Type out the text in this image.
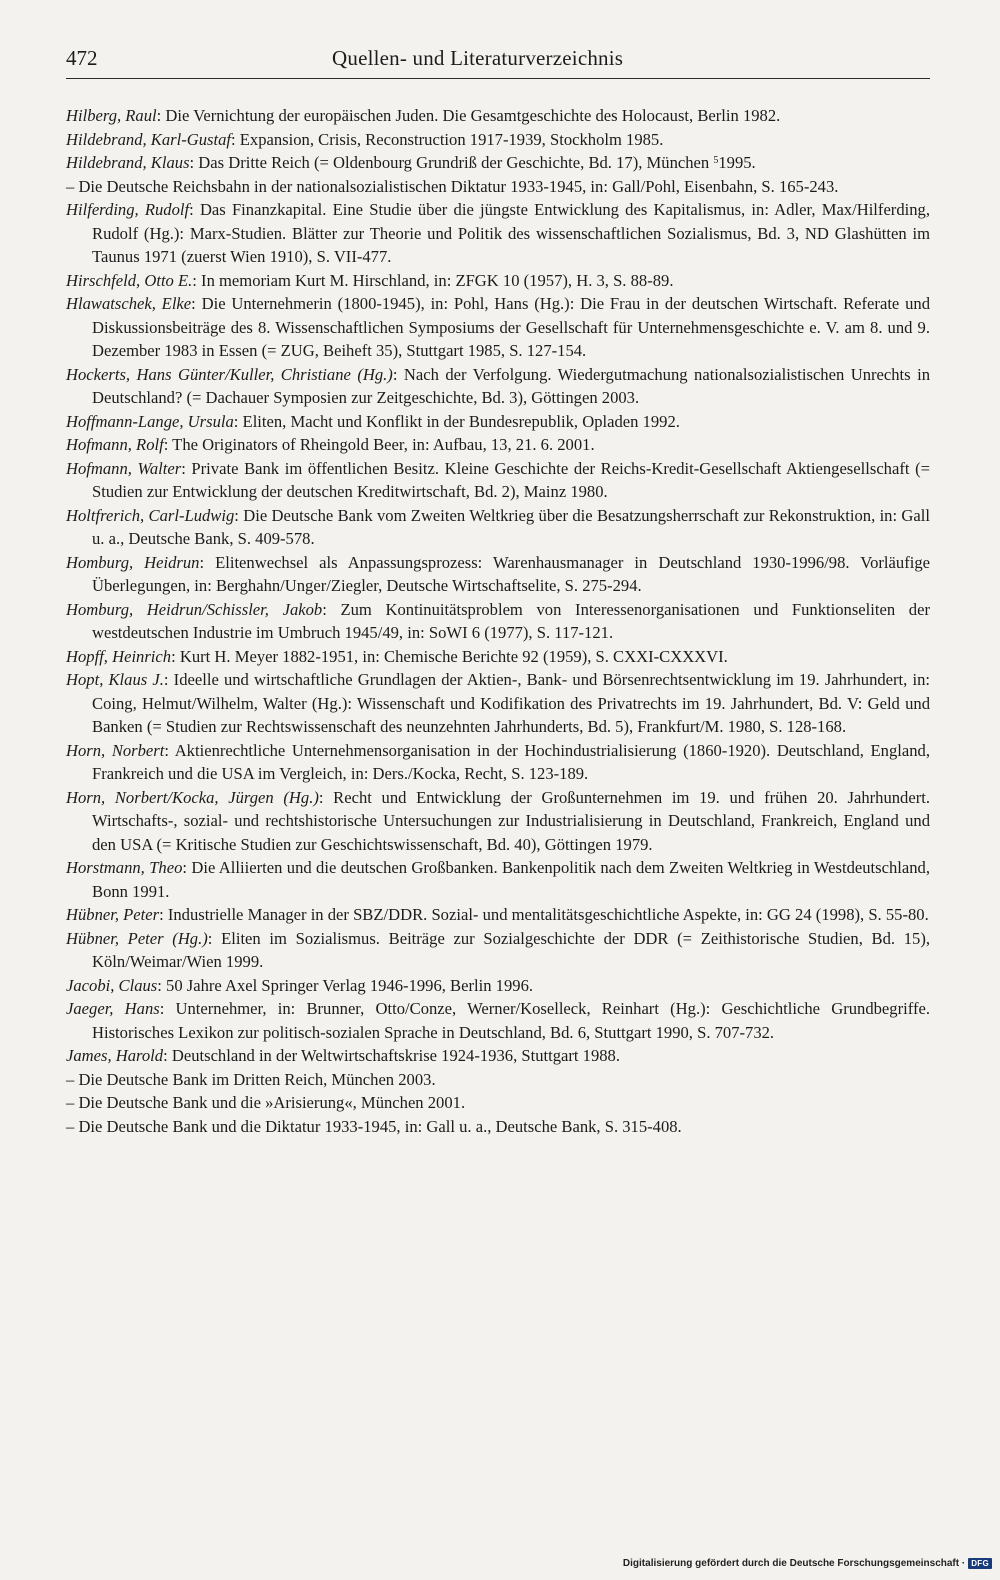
472	Quellen- und Literaturverzeichnis

Hilberg, Raul: Die Vernichtung der europäischen Juden. Die Gesamtgeschichte des Holocaust, Berlin 1982.

Hildebrand, Karl-Gustaf: Expansion, Crisis, Reconstruction 1917-1939, Stockholm 1985.

Hildebrand, Klaus: Das Dritte Reich (= Oldenbourg Grundriß der Geschichte, Bd. 17), München $^5$1995.

– Die Deutsche Reichsbahn in der nationalsozialistischen Diktatur 1933-1945, in: Gall/Pohl, Eisenbahn, S. 165-243.

Hilferding, Rudolf: Das Finanzkapital. Eine Studie über die jüngste Entwicklung des Kapitalismus, in: Adler, Max/Hilferding, Rudolf (Hg.): Marx-Studien. Blätter zur Theorie und Politik des wissenschaftlichen Sozialismus, Bd. 3, ND Glashütten im Taunus 1971 (zuerst Wien 1910), S. VII-477.

Hirschfeld, Otto E.: In memoriam Kurt M. Hirschland, in: ZFGK 10 (1957), H. 3, S. 88-89.

Hlawatschek, Elke: Die Unternehmerin (1800-1945), in: Pohl, Hans (Hg.): Die Frau in der deutschen Wirtschaft. Referate und Diskussionsbeiträge des 8. Wissenschaftlichen Symposiums der Gesellschaft für Unternehmensgeschichte e. V. am 8. und 9. Dezember 1983 in Essen (= ZUG, Beiheft 35), Stuttgart 1985, S. 127-154.

Hockerts, Hans Günter/Kuller, Christiane (Hg.): Nach der Verfolgung. Wiedergutmachung nationalsozialistischen Unrechts in Deutschland? (= Dachauer Symposien zur Zeitgeschichte, Bd. 3), Göttingen 2003.

Hoffmann-Lange, Ursula: Eliten, Macht und Konflikt in der Bundesrepublik, Opladen 1992.

Hofmann, Rolf: The Originators of Rheingold Beer, in: Aufbau, 13, 21. 6. 2001.

Hofmann, Walter: Private Bank im öffentlichen Besitz. Kleine Geschichte der Reichs-Kredit-Gesellschaft Aktiengesellschaft (= Studien zur Entwicklung der deutschen Kreditwirtschaft, Bd. 2), Mainz 1980.

Holtfrerich, Carl-Ludwig: Die Deutsche Bank vom Zweiten Weltkrieg über die Besatzungsherrschaft zur Rekonstruktion, in: Gall u. a., Deutsche Bank, S. 409-578.

Homburg, Heidrun: Elitenwechsel als Anpassungsprozess: Warenhausmanager in Deutschland 1930-1996/98. Vorläufige Überlegungen, in: Berghahn/Unger/Ziegler, Deutsche Wirtschaftselite, S. 275-294.

Homburg, Heidrun/Schissler, Jakob: Zum Kontinuitätsproblem von Interessenorganisationen und Funktionseliten der westdeutschen Industrie im Umbruch 1945/49, in: SoWI 6 (1977), S. 117-121.

Hopff, Heinrich: Kurt H. Meyer 1882-1951, in: Chemische Berichte 92 (1959), S. CXXI-CXXXVI.

Hopt, Klaus J.: Ideelle und wirtschaftliche Grundlagen der Aktien-, Bank- und Börsenrechtsentwicklung im 19. Jahrhundert, in: Coing, Helmut/Wilhelm, Walter (Hg.): Wissenschaft und Kodifikation des Privatrechts im 19. Jahrhundert, Bd. V: Geld und Banken (= Studien zur Rechtswissenschaft des neunzehnten Jahrhunderts, Bd. 5), Frankfurt/M. 1980, S. 128-168.

Horn, Norbert: Aktienrechtliche Unternehmensorganisation in der Hochindustrialisierung (1860-1920). Deutschland, England, Frankreich und die USA im Vergleich, in: Ders./Kocka, Recht, S. 123-189.

Horn, Norbert/Kocka, Jürgen (Hg.): Recht und Entwicklung der Großunternehmen im 19. und frühen 20. Jahrhundert. Wirtschafts-, sozial- und rechtshistorische Untersuchungen zur Industrialisierung in Deutschland, Frankreich, England und den USA (= Kritische Studien zur Geschichtswissenschaft, Bd. 40), Göttingen 1979.

Horstmann, Theo: Die Alliierten und die deutschen Großbanken. Bankenpolitik nach dem Zweiten Weltkrieg in Westdeutschland, Bonn 1991.

Hübner, Peter: Industrielle Manager in der SBZ/DDR. Sozial- und mentalitätsgeschichtliche Aspekte, in: GG 24 (1998), S. 55-80.

Hübner, Peter (Hg.): Eliten im Sozialismus. Beiträge zur Sozialgeschichte der DDR (= Zeithistorische Studien, Bd. 15), Köln/Weimar/Wien 1999.

Jacobi, Claus: 50 Jahre Axel Springer Verlag 1946-1996, Berlin 1996.

Jaeger, Hans: Unternehmer, in: Brunner, Otto/Conze, Werner/Koselleck, Reinhart (Hg.): Geschichtliche Grundbegriffe. Historisches Lexikon zur politisch-sozialen Sprache in Deutschland, Bd. 6, Stuttgart 1990, S. 707-732.

James, Harold: Deutschland in der Weltwirtschaftskrise 1924-1936, Stuttgart 1988.

– Die Deutsche Bank im Dritten Reich, München 2003.

– Die Deutsche Bank und die »Arisierung«, München 2001.

– Die Deutsche Bank und die Diktatur 1933-1945, in: Gall u. a., Deutsche Bank, S. 315-408.

Digitalisierung gefördert durch die Deutsche Forschungsgemeinschaft · DFG
